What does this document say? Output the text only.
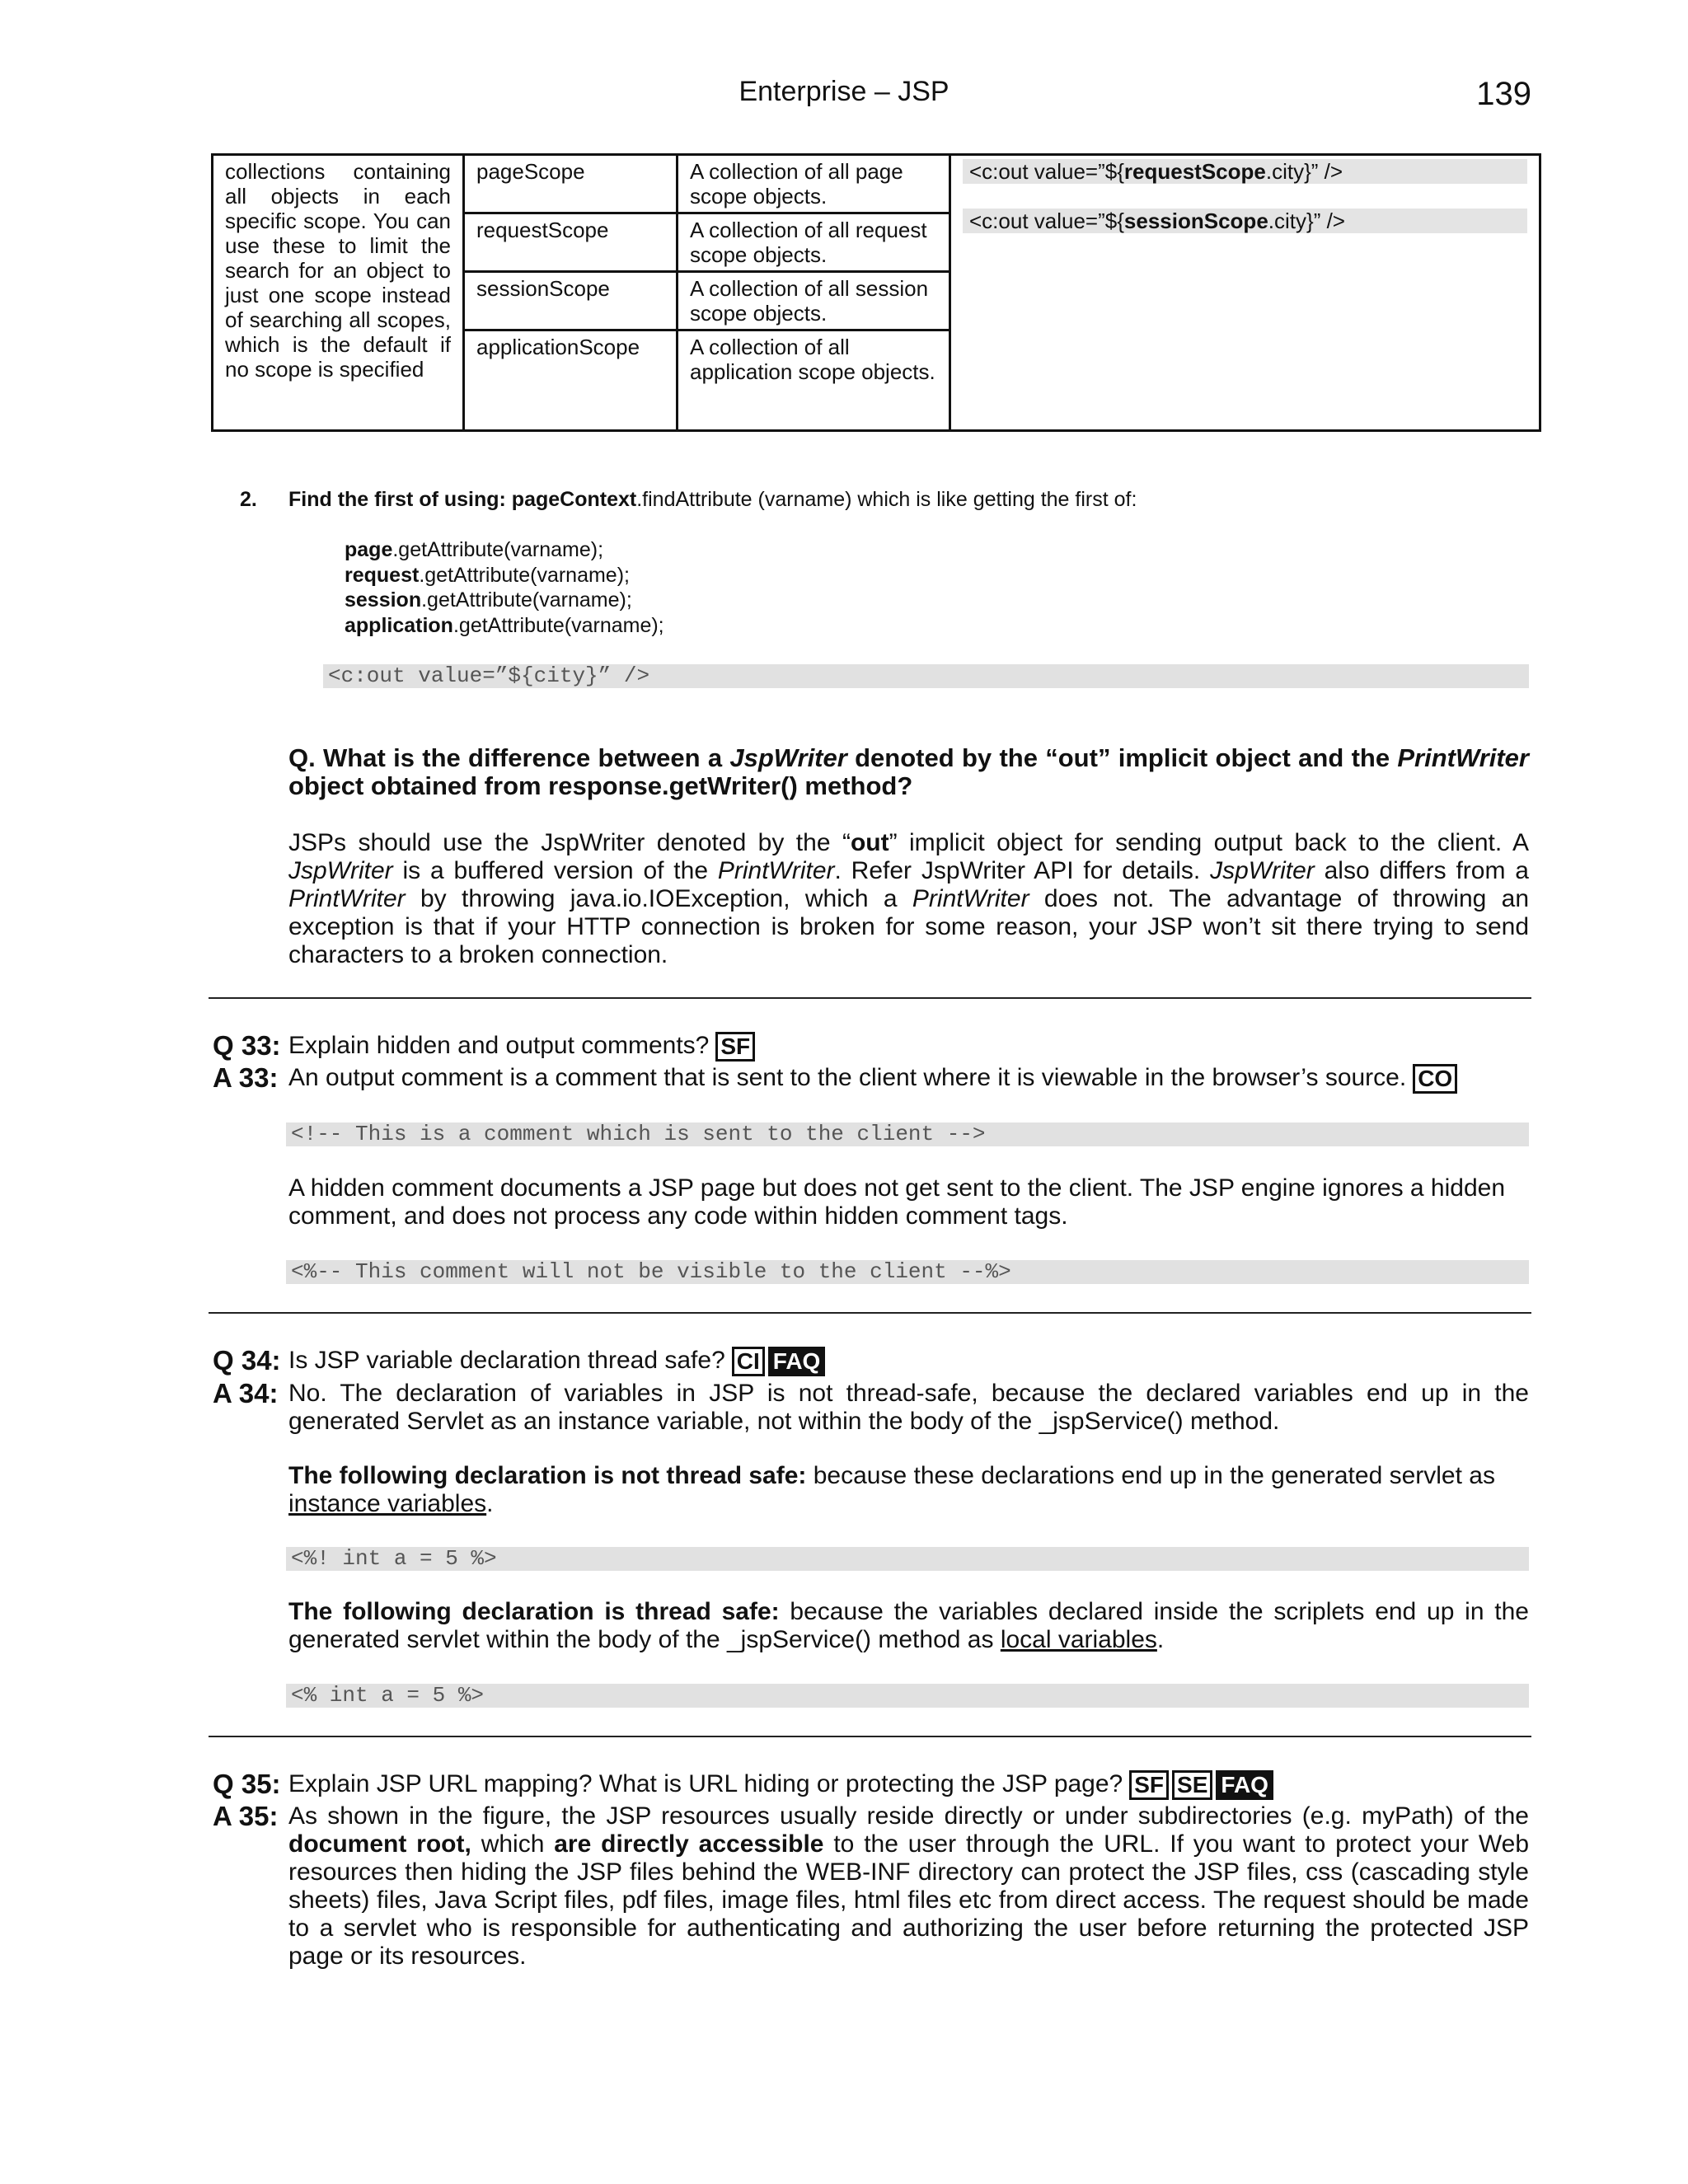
Enterprise – JSP	139
collections containing all objects in each specific scope. You can use these to limit the search for an object to just one scope instead of searching all scopes, which is the default if no scope is specified	pageScope	A collection of all page scope objects.	<c:out value=”${requestScope.city}” />
<c:out value=”${sessionScope.city}” />

	requestScope	A collection of all request scope objects.	
	sessionScope	A collection of all session scope objects.	
	applicationScope	A collection of all application scope objects.	
2. Find the first of using: pageContext.findAttribute (varname) which is like getting the first of:
page.getAttribute(varname);
request.getAttribute(varname);
session.getAttribute(varname);
application.getAttribute(varname);
<c:out value=”${city}” />
Q. What is the difference between a JspWriter denoted by the “out” implicit object and the PrintWriter object obtained from response.getWriter() method?
JSPs should use the JspWriter denoted by the “out” implicit object for sending output back to the client. A JspWriter is a buffered version of the PrintWriter. Refer JspWriter API for details. JspWriter also differs from a PrintWriter by throwing java.io.IOException, which a PrintWriter does not. The advantage of throwing an exception is that if your HTTP connection is broken for some reason, your JSP won’t sit there trying to send characters to a broken connection.
Q 33: Explain hidden and output comments? SF
A 33: An output comment is a comment that is sent to the client where it is viewable in the browser’s source. CO
<!-- This is a comment which is sent to the client -->
A hidden comment documents a JSP page but does not get sent to the client. The JSP engine ignores a hidden comment, and does not process any code within hidden comment tags.
<%-- This comment will not be visible to the client --%>
Q 34: Is JSP variable declaration thread safe? CI FAQ
A 34: No. The declaration of variables in JSP is not thread-safe, because the declared variables end up in the generated Servlet as an instance variable, not within the body of the _jspService() method.
The following declaration is not thread safe: because these declarations end up in the generated servlet as instance variables.
<%! int a = 5 %>
The following declaration is thread safe: because the variables declared inside the scriplets end up in the generated servlet within the body of the _jspService() method as local variables.
<% int a = 5 %>
Q 35: Explain JSP URL mapping? What is URL hiding or protecting the JSP page? SF SE FAQ
A 35: As shown in the figure, the JSP resources usually reside directly or under subdirectories (e.g. myPath) of the document root, which are directly accessible to the user through the URL. If you want to protect your Web resources then hiding the JSP files behind the WEB-INF directory can protect the JSP files, css (cascading style sheets) files, Java Script files, pdf files, image files, html files etc from direct access. The request should be made to a servlet who is responsible for authenticating and authorizing the user before returning the protected JSP page or its resources.
